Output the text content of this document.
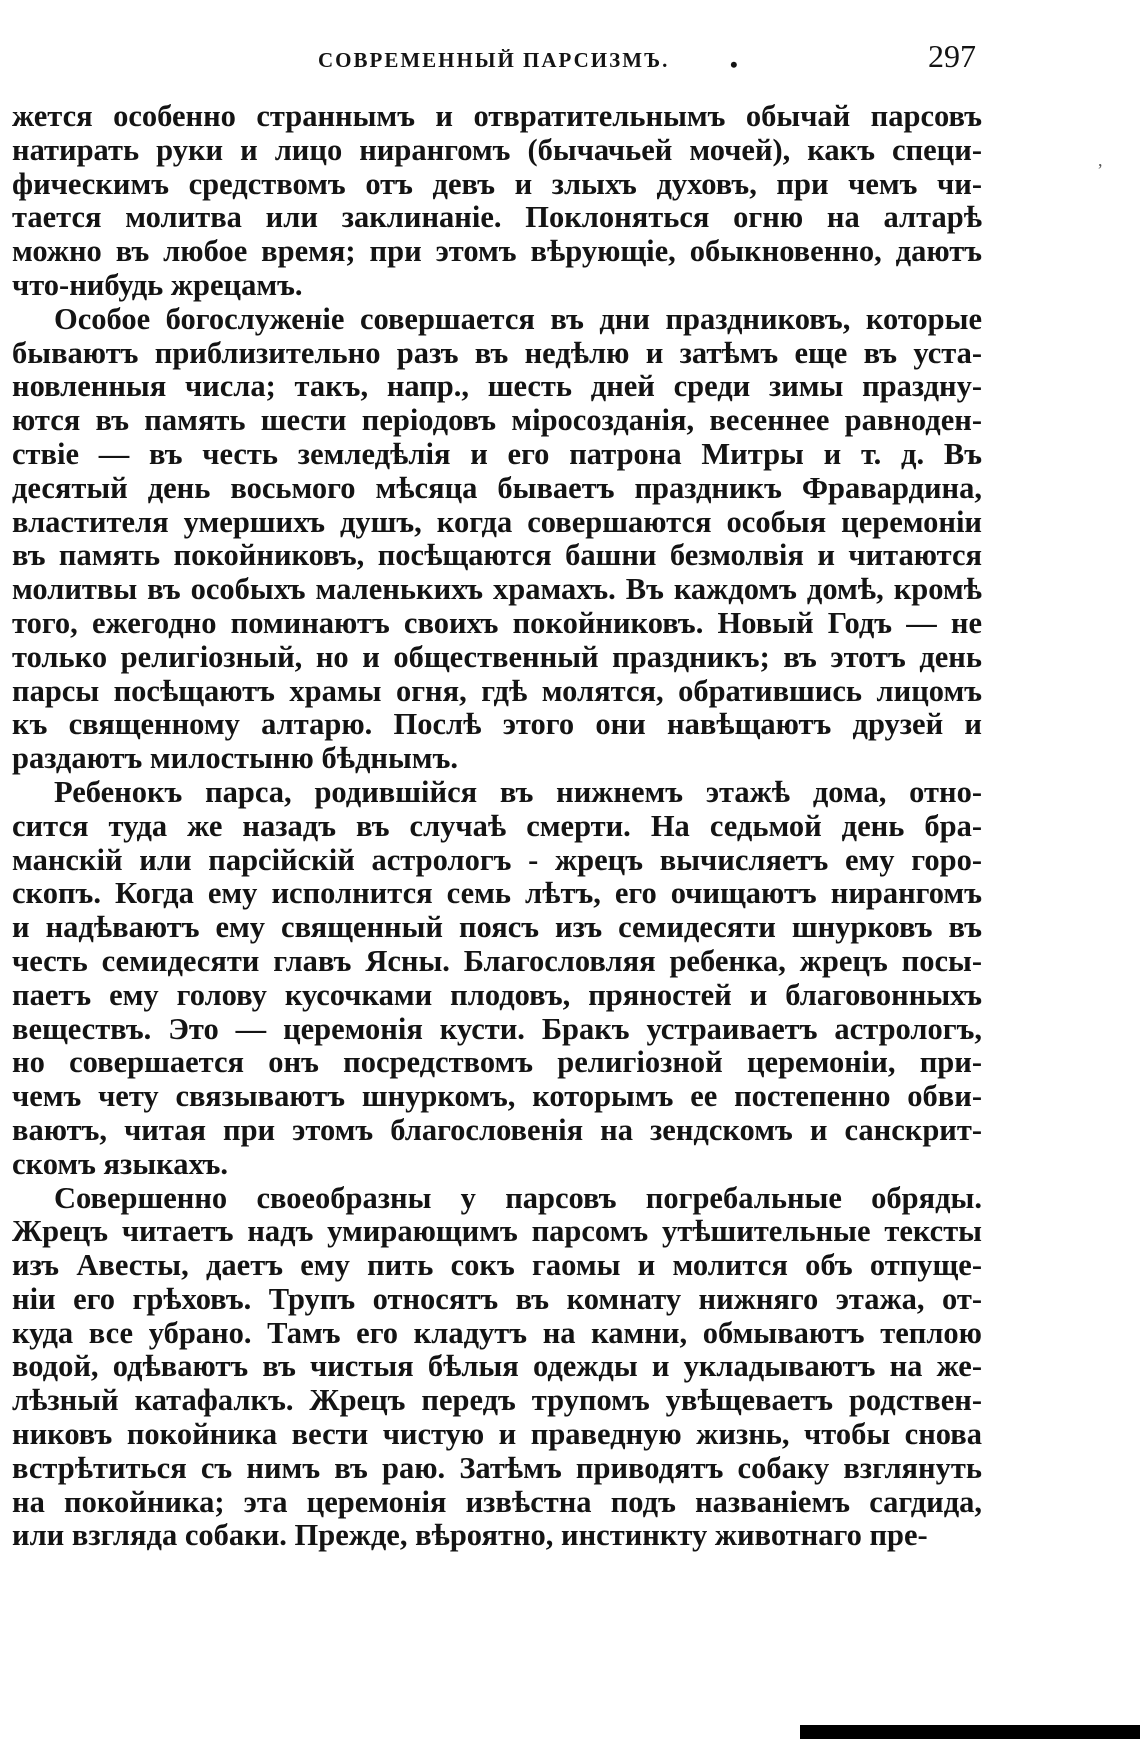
СОВРЕМЕННЫЙ ПАРСИЗМЪ.	•	297
жется особенно страннымъ и отвратительнымъ обычай парсовъ
натирать руки и лицо нирангомъ (бычачьей мочей), какъ специ-
фическимъ средствомъ отъ девъ и злыхъ духовъ, при чемъ чи-
тается молитва или заклинаніе. Поклоняться огню на алтарѣ
можно въ любое время; при этомъ вѣрующіе, обыкновенно, даютъ
что-нибудь жрецамъ.
Особое богослуженіе совершается въ дни праздниковъ, которые
бываютъ приблизительно разъ въ недѣлю и затѣмъ еще въ уста-
новленныя числа; такъ, напр., шесть дней среди зимы праздну-
ются въ память шести періодовъ міросозданія, весеннее равноден-
ствіе — въ честь земледѣлія и его патрона Митры и т. д. Въ
десятый день восьмого мѣсяца бываетъ праздникъ Фравардина,
властителя умершихъ душъ, когда совершаются особыя церемоніи
въ память покойниковъ, посѣщаются башни безмолвія и читаются
молитвы въ особыхъ маленькихъ храмахъ. Въ каждомъ домѣ, кромѣ
того, ежегодно поминаютъ своихъ покойниковъ. Новый Годъ — не
только религіозный, но и общественный праздникъ; въ этотъ день
парсы посѣщаютъ храмы огня, гдѣ молятся, обратившись лицомъ
къ священному алтарю. Послѣ этого они навѣщаютъ друзей и
раздаютъ милостыню бѣднымъ.
Ребенокъ парса, родившійся въ нижнемъ этажѣ дома, отно-
сится туда же назадъ въ случаѣ смерти. На седьмой день бра-
манскій или парсійскій астрологъ - жрецъ вычисляетъ ему горо-
скопъ. Когда ему исполнится семь лѣтъ, его очищаютъ нирангомъ
и надѣваютъ ему священный поясъ изъ семидесяти шнурковъ въ
честь семидесяти главъ Ясны. Благословляя ребенка, жрецъ посы-
паетъ ему голову кусочками плодовъ, пряностей и благовонныхъ
веществъ. Это — церемонія кусти. Бракъ устраиваетъ астрологъ,
но совершается онъ посредствомъ религіозной церемоніи, при-
чемъ чету связываютъ шнуркомъ, которымъ ее постепенно обви-
ваютъ, читая при этомъ благословенія на зендскомъ и санскрит-
скомъ языкахъ.
Совершенно своеобразны у парсовъ погребальные обряды.
Жрецъ читаетъ надъ умирающимъ парсомъ утѣшительные тексты
изъ Авесты, даетъ ему пить сокъ гаомы и молится объ отпуще-
ніи его грѣховъ. Трупъ относятъ въ комнату нижняго этажа, от-
куда все убрано. Тамъ его кладутъ на камни, обмываютъ теплою
водой, одѣваютъ въ чистыя бѣлыя одежды и укладываютъ на же-
лѣзный катафалкъ. Жрецъ передъ трупомъ увѣщеваетъ родствен-
никовъ покойника вести чистую и праведную жизнь, чтобы снова
встрѣтиться съ нимъ въ раю. Затѣмъ приводятъ собаку взглянуть
на покойника; эта церемонія извѣстна подъ названіемъ сагдида,
или взгляда собаки. Прежде, вѣроятно, инстинкту животнаго пре-
,
